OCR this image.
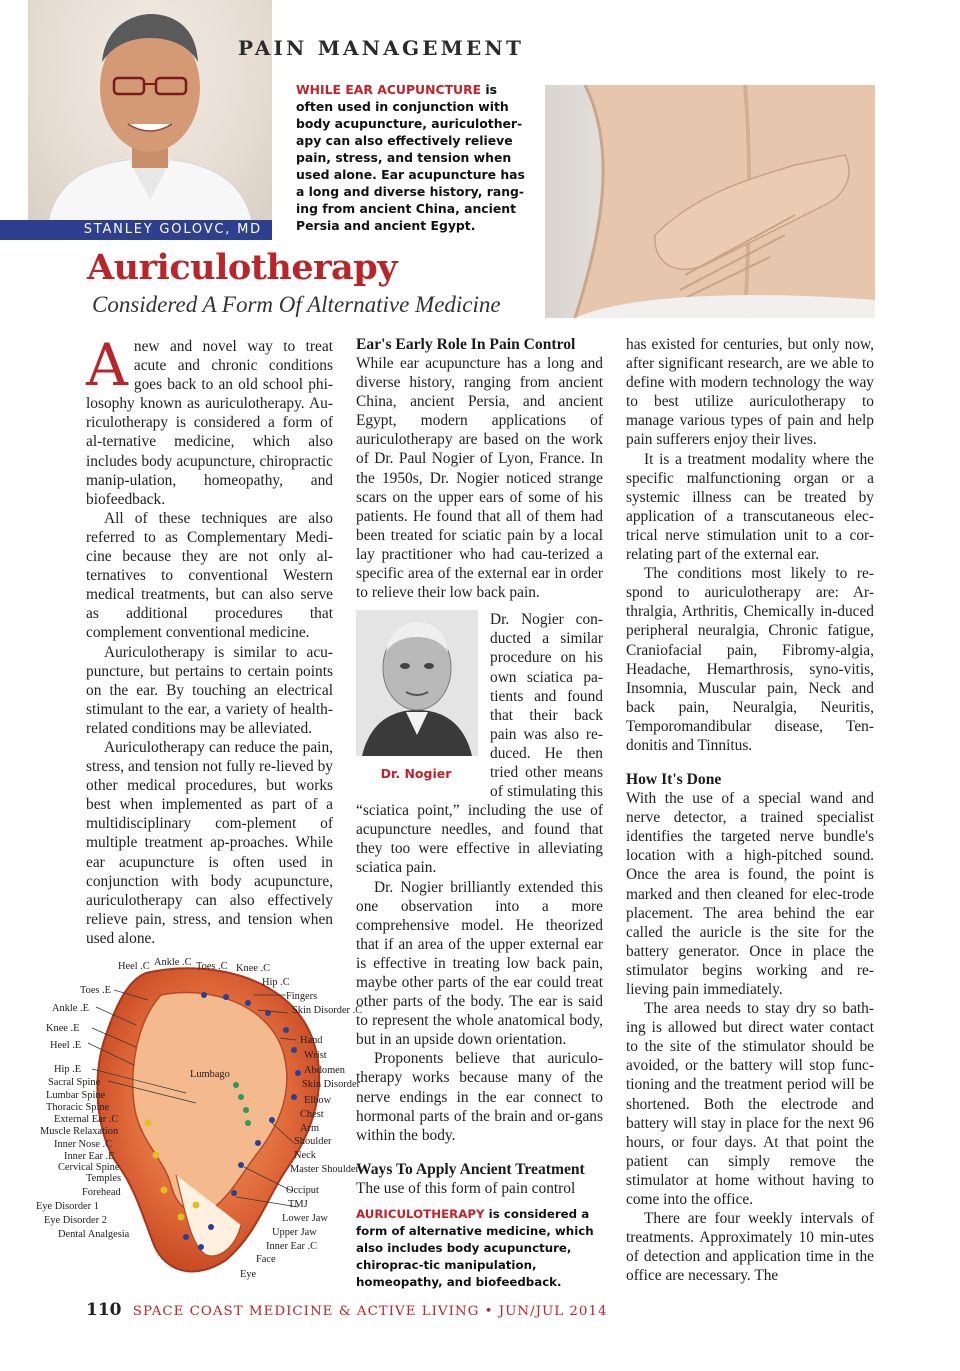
STANLEY GOLOVC, MD
PAIN MANAGEMENT
WHILE EAR ACUPUNCTURE is often used in conjunction with body acupuncture, auriculother-apy can also effectively relieve pain, stress, and tension when used alone. Ear acupuncture has a long and diverse history, rang-ing from ancient China, ancient Persia and ancient Egypt.
Auriculotherapy
Considered A Form Of Alternative Medicine

Anew and novel way to treat acute and chronic conditions goes back to an old school phi-losophy known as auriculotherapy. Au-riculotherapy is considered a form of al-ternative medicine, which also includes body acupuncture, chiropractic manip-ulation, homeopathy, and biofeedback.

All of these techniques are also referred to as Complementary Medi-cine because they are not only al-ternatives to conventional Western medical treatments, but can also serve as additional procedures that complement conventional medicine.

Auriculotherapy is similar to acu-puncture, but pertains to certain points on the ear. By touching an electrical stimulant to the ear, a variety of health-related conditions may be alleviated.

Auriculotherapy can reduce the pain, stress, and tension not fully re-lieved by other medical procedures, but works best when implemented as part of a multidisciplinary com-plement of multiple treatment ap-proaches. While ear acupuncture is often used in conjunction with body acupuncture, auriculotherapy can also effectively relieve pain, stress, and tension when used alone.

Heel .C Ankle .C Toes .C Knee .C
Hip .C
Toes .E
Ankle .E
Knee .E
Heel .E
Hip .E
Sacral Spine
Lumbar Spine
Thoracic Spine
External Ear .C
Muscle Relaxation
Inner Nose .C
Inner Ear .E
Cervical Spine
Temples
Forehead
Eye Disorder 1
Eye Disorder 2
Dental Analgesia
Fingers
Skin Disorder .C
Hand
Wrist
Abdomen
Skin Disorder
Elbow
Chest
Arm
Shoulder
Neck
Master Shoulder
Occiput
TMJ
Lower Jaw
Upper Jaw
Inner Ear .C
Face
Eye
Lumbago
Ear's Early Role In Pain Control

While ear acupuncture has a long and diverse history, ranging from ancient China, ancient Persia, and ancient Egypt, modern applications of auriculotherapy are based on the work of Dr. Paul Nogier of Lyon, France. In the 1950s, Dr. Nogier noticed strange scars on the upper ears of some of his patients. He found that all of them had been treated for sciatic pain by a local lay practitioner who had cau-terized a specific area of the external ear in order to relieve their low back pain.

Dr. Nogier

Dr. Nogier con-ducted a similar procedure on his own sciatica pa-tients and found that their back pain was also re-duced. He then tried other means of stimulating this “sciatica point,” including the use of acupuncture needles, and found that they too were effective in alleviating sciatica pain.

Dr. Nogier brilliantly extended this one observation into a more comprehensive model. He theorized that if an area of the upper external ear is effective in treating low back pain, maybe other parts of the ear could treat other parts of the body. The ear is said to represent the whole anatomical body, but in an upside down orientation.

Proponents believe that auriculo-therapy works because many of the nerve endings in the ear connect to hormonal parts of the brain and or-gans within the body.

Ways To Apply Ancient Treatment

The use of this form of pain control

AURICULOTHERAPY is considered a form of alternative medicine, which also includes body acupuncture, chiroprac-tic manipulation, homeopathy, and biofeedback.

has existed for centuries, but only now, after significant research, are we able to define with modern technology the way to best utilize auriculotherapy to manage various types of pain and help pain sufferers enjoy their lives.

It is a treatment modality where the specific malfunctioning organ or a systemic illness can be treated by application of a transcutaneous elec-trical nerve stimulation unit to a cor-relating part of the external ear.

The conditions most likely to re-spond to auriculotherapy are: Ar-thralgia, Arthritis, Chemically in-duced peripheral neuralgia, Chronic fatigue, Craniofacial pain, Fibromy-algia, Headache, Hemarthrosis, syno-vitis, Insomnia, Muscular pain, Neck and back pain, Neuralgia, Neuritis, Temporomandibular disease, Ten-donitis and Tinnitus.

How It's Done

With the use of a special wand and nerve detector, a trained specialist identifies the targeted nerve bundle's location with a high-pitched sound. Once the area is found, the point is marked and then cleaned for elec-trode placement. The area behind the ear called the auricle is the site for the battery generator. Once in place the stimulator begins working and re-lieving pain immediately.

The area needs to stay dry so bath-ing is allowed but direct water contact to the site of the stimulator should be avoided, or the battery will stop func-tioning and the treatment period will be shortened. Both the electrode and battery will stay in place for the next 96 hours, or four days. At that point the patient can simply remove the stimulator at home without having to come into the office.

There are four weekly intervals of treatments. Approximately 10 min-utes of detection and application time in the office are necessary. The

110 SPACE COAST MEDICINE & ACTIVE LIVING • JUN/JUL 2014
